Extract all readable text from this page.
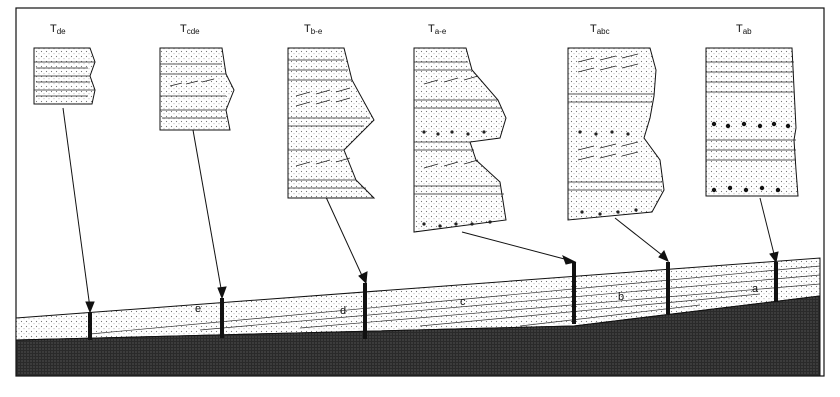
e	d
c	b
a
Tde	Tcde	Tb-e	Ta-e	Tabc	Tab
